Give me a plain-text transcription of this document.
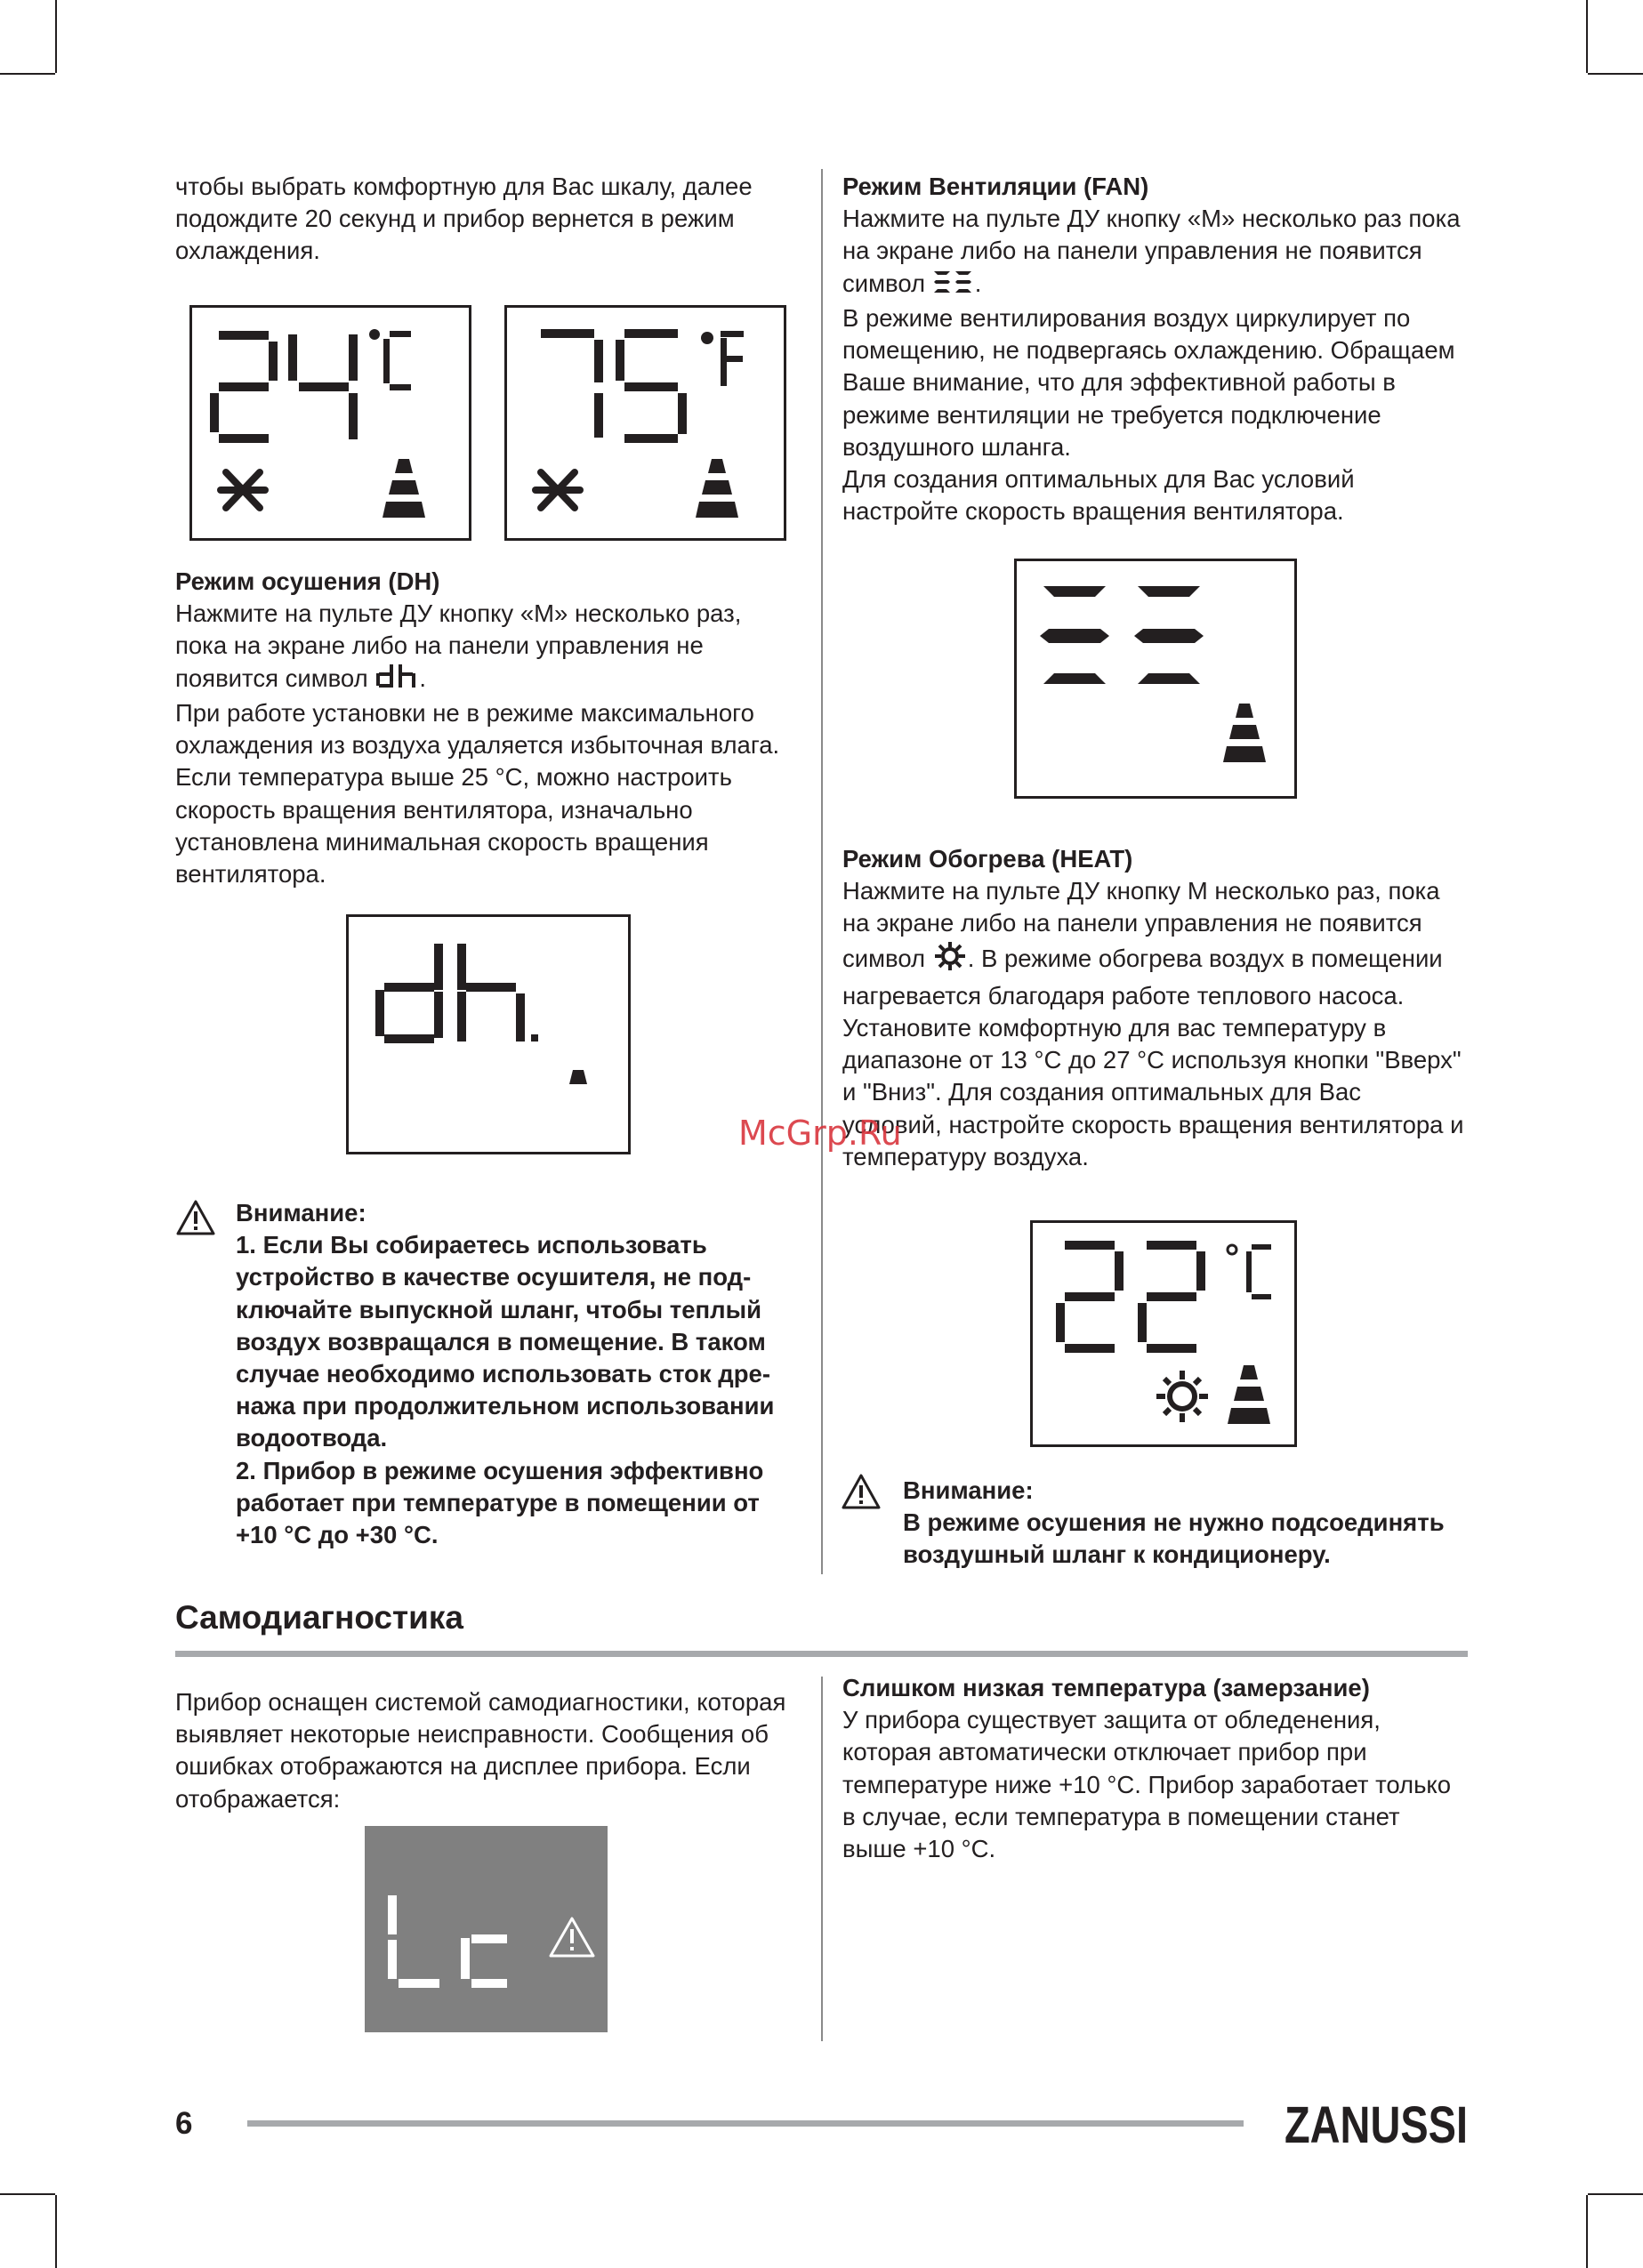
чтобы выбрать комфортную для Вас шкалу, далее подождите 20 секунд и прибор вернется в режим охлаждения.

Режим осушения (DH)

Нажмите на пульте ДУ кнопку «М» несколько раз, пока на экране либо на панели управления не появится символ .

При работе установки не в режиме максимального охлаждения из воздуха удаляется избыточная влага. Если температура выше 25 °С, можно настроить скорость вращения вентилятора, изначально установлена минимальная скорость вращения вентилятора.

Внимание:

1. Если Вы собираетесь использовать устройство в качестве осушителя, не подключайте выпускной шланг, чтобы теплый воздух возвращался в помещение. В таком случае необходимо использовать сток дренажа при продолжительном использовании водоотвода.
2. Прибор в режиме осушения эффективно работает при температуре в помещении от +10 °С до +30 °С.

Режим Вентиляции (FAN)

Нажмите на пульте ДУ кнопку «М» несколько раз пока на экране либо на панели управления не появится символ .

В режиме вентилирования воздух циркулирует по помещению, не подвергаясь охлаждению. Обращаем Ваше внимание, что для эффективной работы в режиме вентиляции не требуется подключение воздушного шланга.

Для создания оптимальных для Вас условий настройте скорость вращения вентилятора.

Режим Обогрева (HEAT)

Нажмите на пульте ДУ кнопку М несколько раз, пока на экране либо на панели управления не появится символ . В режиме обогрева воздух в помещении нагревается благодаря работе теплового насоса. Установите комфортную для вас температуру в диапазоне от 13 °С до 27 °С используя кнопки "Вверх" и "Вниз". Для создания оптимальных для Вас условий, настройте скорость вращения вентилятора и температуру воздуха.

McGrp.Ru

Внимание:

В режиме осушения не нужно подсоединять воздушный шланг к кондиционеру.

Самодиагностика

Прибор оснащен системой самодиагностики, которая выявляет некоторые неисправности. Сообщения об ошибках отображаются на дисплее прибора. Если отображается:

Слишком низкая температура (замерзание)

У прибора существует защита от обледенения, которая автоматически отключает прибор при температуре ниже +10 °С. Прибор заработает только в случае, если температура в помещении станет выше +10 °С.

6	ZANUSSI
